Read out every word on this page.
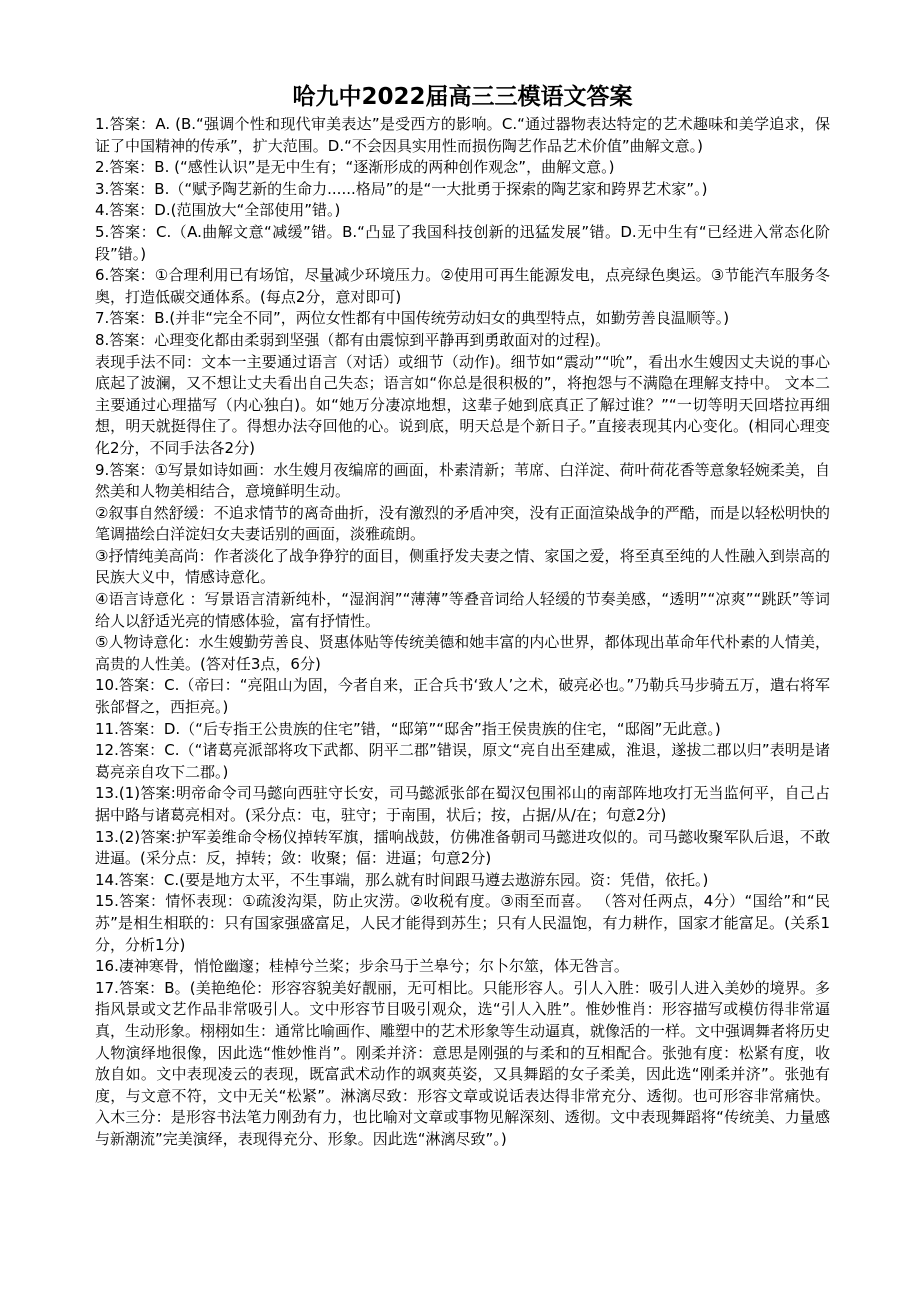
哈九中2022届高三三模语文答案

1.答案：A. (B.“强调个性和现代审美表达”是受西方的影响。C.“通过器物表达特定的艺术趣味和美学追求，保证了中国精神的传承”，扩大范围。D.“不会因具实用性而损伤陶艺作品艺术价值”曲解文意。)

2.答案：B. (“感性认识”是无中生有；“逐渐形成的两种创作观念”，曲解文意。)

3.答案：B.（“赋予陶艺新的生命力......格局”的是“一大批勇于探索的陶艺家和跨界艺术家”。)

4.答案：D.(范围放大“全部使用”错。)

5.答案：C.（A.曲解文意“减缓”错。B.“凸显了我国科技创新的迅猛发展”错。D.无中生有“已经进入常态化阶段”错。)

6.答案：①合理利用已有场馆，尽量减少环境压力。②使用可再生能源发电，点亮绿色奥运。③节能汽车服务冬奥，打造低碳交通体系。(每点2分，意对即可)

7.答案：B.(并非“完全不同”，两位女性都有中国传统劳动妇女的典型特点，如勤劳善良温顺等。)

8.答案：心理变化都由柔弱到坚强（都有由震惊到平静再到勇敢面对的过程)。

表现手法不同：文本一主要通过语言（对话）或细节（动作)。细节如“震动”“吮”，看出水生嫂因丈夫说的事心底起了波澜，又不想让丈夫看出自己失态；语言如“你总是很积极的”，将抱怨与不满隐在理解支持中。 文本二主要通过心理描写（内心独白)。如“她万分凄凉地想，这辈子她到底真正了解过谁？”“一切等明天回塔拉再细想，明天就挺得住了。得想办法夺回他的心。说到底，明天总是个新日子。”直接表现其内心变化。(相同心理变化2分，不同手法各2分)

9.答案：①写景如诗如画：水生嫂月夜编席的画面，朴素清新；苇席、白洋淀、荷叶荷花香等意象轻婉柔美，自然美和人物美相结合，意境鲜明生动。

②叙事自然舒缓：不追求情节的离奇曲折，没有激烈的矛盾冲突，没有正面渲染战争的严酷，而是以轻松明快的笔调描绘白洋淀妇女夫妻话别的画面，淡雅疏朗。

③抒情纯美高尚：作者淡化了战争狰狞的面目，侧重抒发夫妻之情、家国之爱，将至真至纯的人性融入到崇高的民族大义中，情感诗意化。

④语言诗意化 ：写景语言清新纯朴，“湿润润”“薄薄”等叠音词给人轻缓的节奏美感，“透明”“凉爽”“跳跃”等词给人以舒适光亮的情感体验，富有抒情性。

⑤人物诗意化：水生嫂勤劳善良、贤惠体贴等传统美德和她丰富的内心世界，都体现出革命年代朴素的人情美，高贵的人性美。(答对任3点，6分)

10.答案：C.（帝曰：“亮阻山为固，今者自来，正合兵书‘致人’之术，破亮必也。”乃勒兵马步骑五万，遣右将军张郃督之，西拒亮。)

11.答案：D.（“后专指王公贵族的住宅”错，“邸第”“邸舍”指王侯贵族的住宅，“邸阁”无此意。)

12.答案：C.（“诸葛亮派部将攻下武都、阴平二郡”错误，原文“亮自出至建威，淮退，遂拔二郡以归”表明是诸葛亮亲自攻下二郡。)

13.(1)答案:明帝命令司马懿向西驻守长安，司马懿派张郃在蜀汉包围祁山的南部阵地攻打无当监何平，自己占据中路与诸葛亮相对。(采分点：屯，驻守；于南围，状后；按，占据/从/在；句意2分)

13.(2)答案:护军姜维命令杨仪掉转军旗，擂响战鼓，仿佛准备朝司马懿进攻似的。司马懿收聚军队后退，不敢进逼。(采分点：反，掉转；敛：收聚；偪：进逼；句意2分)

14.答案：C.(要是地方太平，不生事端，那么就有时间跟马遵去遨游东园。资：凭借，依托。)

15.答案：情怀表现：①疏浚沟渠，防止灾涝。②收税有度。③雨至而喜。 （答对任两点，4分）“国给”和“民苏”是相生相联的：只有国家强盛富足，人民才能得到苏生；只有人民温饱，有力耕作，国家才能富足。(关系1分，分析1分)

16.凄神寒骨，悄怆幽邃；桂棹兮兰桨；步余马于兰皋兮；尔卜尔筮，体无咎言。

17.答案：B。(美艳绝伦：形容容貌美好靓丽，无可相比。只能形容人。引人入胜：吸引人进入美妙的境界。多指风景或文艺作品非常吸引人。文中形容节目吸引观众，选“引人入胜”。惟妙惟肖：形容描写或模仿得非常逼真，生动形象。栩栩如生：通常比喻画作、雕塑中的艺术形象等生动逼真，就像活的一样。文中强调舞者将历史人物演绎地很像，因此选“惟妙惟肖”。刚柔并济：意思是刚强的与柔和的互相配合。张弛有度：松紧有度，收放自如。文中表现凌云的表现，既富武术动作的飒爽英姿，又具舞蹈的女子柔美，因此选“刚柔并济”。张弛有度，与文意不符，文中无关“松紧”。淋漓尽致：形容文章或说话表达得非常充分、透彻。也可形容非常痛快。入木三分：是形容书法笔力刚劲有力，也比喻对文章或事物见解深刻、透彻。文中表现舞蹈将“传统美、力量感与新潮流”完美演绎，表现得充分、形象。因此选“淋漓尽致”。)
